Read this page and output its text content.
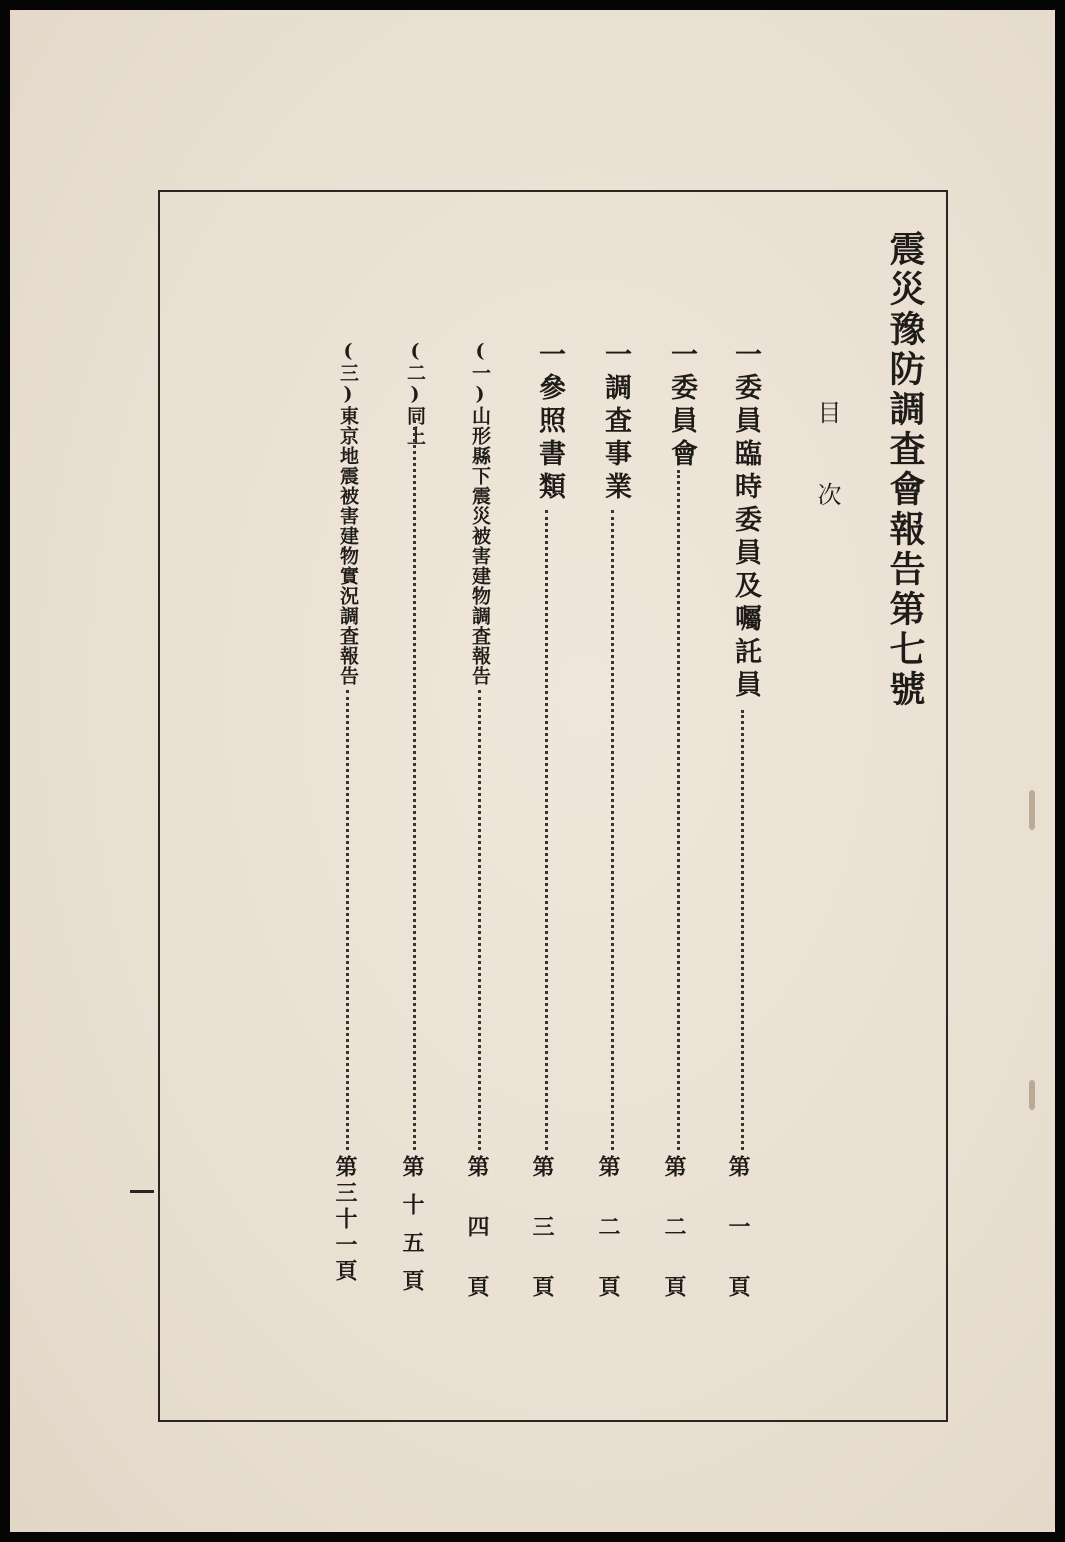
震災豫防調査會報告第七號
目次
一委員臨時委員及囑託員
第一頁
一委員會
第二頁
一調査事業
第二頁
一參照書類
第三頁
(一)山形縣下震災被害建物調査報告
第四頁
(二)同上
第十五頁
(三)東京地震被害建物實況調査報告
第三十一頁
